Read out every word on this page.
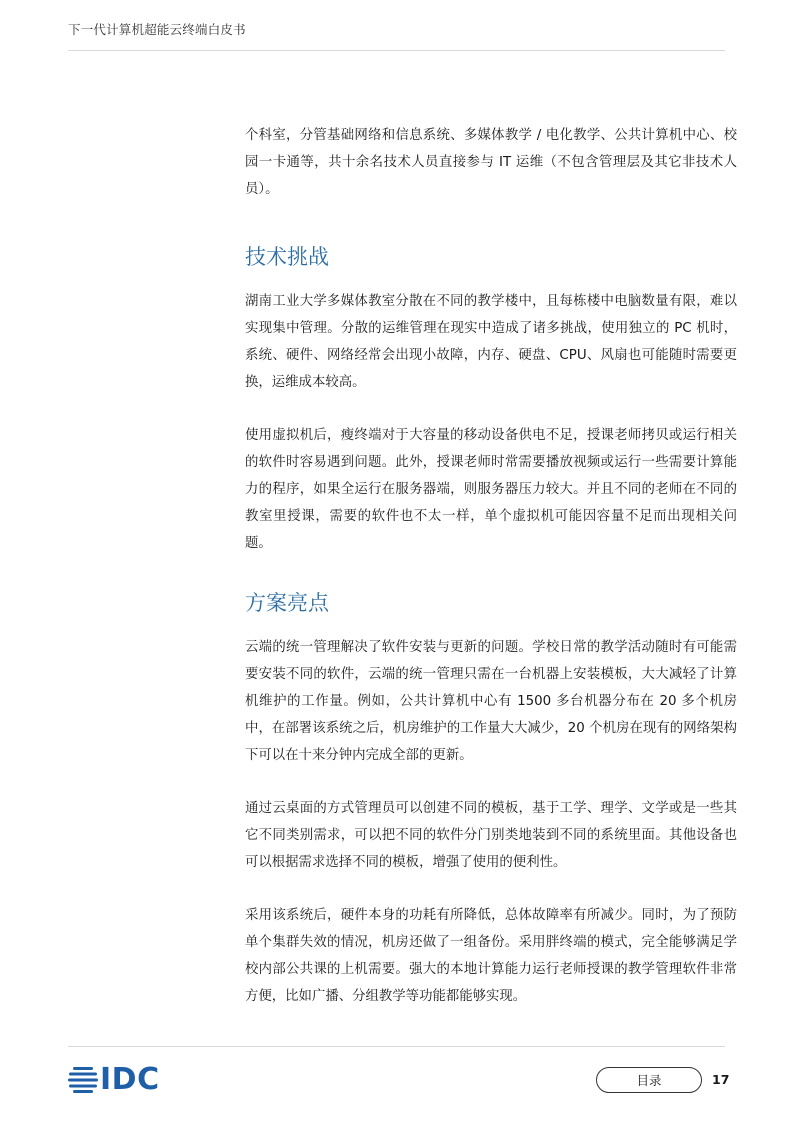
下一代计算机超能云终端白皮书

个科室，分管基础网络和信息系统、多媒体教学 / 电化教学、公共计算机中心、校园一卡通等，共十余名技术人员直接参与 IT 运维（不包含管理层及其它非技术人员）。

技术挑战

湖南工业大学多媒体教室分散在不同的教学楼中，且每栋楼中电脑数量有限，难以实现集中管理。分散的运维管理在现实中造成了诸多挑战，使用独立的 PC 机时，系统、硬件、网络经常会出现小故障，内存、硬盘、CPU、风扇也可能随时需要更换，运维成本较高。

使用虚拟机后，瘦终端对于大容量的移动设备供电不足，授课老师拷贝或运行相关的软件时容易遇到问题。此外，授课老师时常需要播放视频或运行一些需要计算能力的程序，如果全运行在服务器端，则服务器压力较大。并且不同的老师在不同的教室里授课，需要的软件也不太一样，单个虚拟机可能因容量不足而出现相关问题。

方案亮点

云端的统一管理解决了软件安装与更新的问题。学校日常的教学活动随时有可能需要安装不同的软件，云端的统一管理只需在一台机器上安装模板，大大减轻了计算机维护的工作量。例如，公共计算机中心有 1500 多台机器分布在 20 多个机房中，在部署该系统之后，机房维护的工作量大大减少，20 个机房在现有的网络架构下可以在十来分钟内完成全部的更新。

通过云桌面的方式管理员可以创建不同的模板，基于工学、理学、文学或是一些其它不同类别需求，可以把不同的软件分门别类地装到不同的系统里面。其他设备也可以根据需求选择不同的模板，增强了使用的便利性。

采用该系统后，硬件本身的功耗有所降低，总体故障率有所减少。同时，为了预防单个集群失效的情况，机房还做了一组备份。采用胖终端的模式，完全能够满足学校内部公共课的上机需要。强大的本地计算能力运行老师授课的教学管理软件非常方便，比如广播、分组教学等功能都能够实现。

IDC	目录	17
